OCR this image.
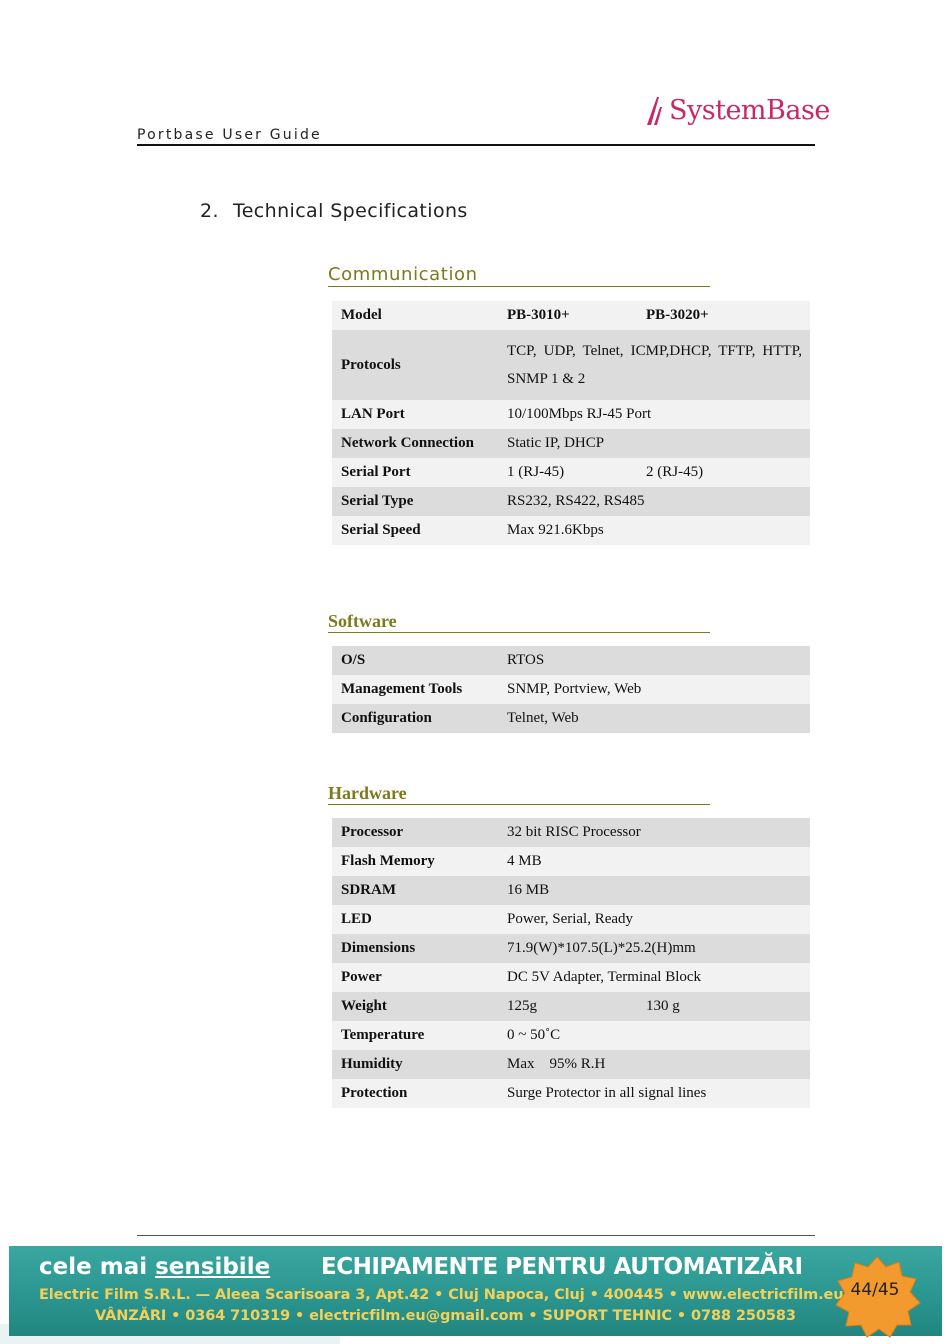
SystemBase
Portbase User Guide
2. Technical Specifications
Communication
Model	PB-3010+	PB-3020+
Protocols	TCP, UDP, Telnet, ICMP,DHCP, TFTP, HTTP, SNMP 1 & 2	
LAN Port	10/100Mbps RJ-45 Port	
Network Connection	Static IP, DHCP	
Serial Port	1 (RJ-45)	2 (RJ-45)
Serial Type	RS232, RS422, RS485	
Serial Speed	Max 921.6Kbps	
Software
O/S	RTOS
Management Tools	SNMP, Portview, Web
Configuration	Telnet, Web
Hardware
Processor	32 bit RISC Processor	
Flash Memory	4 MB	
SDRAM	16 MB	
LED	Power, Serial, Ready	
Dimensions	71.9(W)*107.5(L)*25.2(H)mm	
Power	DC 5V Adapter, Terminal Block	
Weight	125g	130 g
Temperature	0 ~ 50˚C	
Humidity	Max    95% R.H	
Protection	Surge Protector in all signal lines	
cele mai sensibile ECHIPAMENTE PENTRU AUTOMATIZĂRI
Electric Film S.R.L. — Aleea Scarisoara 3, Apt.42 • Cluj Napoca, Cluj • 400445 • www.electricfilm.eu
VÂNZĂRI • 0364 710319 • electricfilm.eu@gmail.com • SUPORT TEHNIC • 0788 250583
44/45
